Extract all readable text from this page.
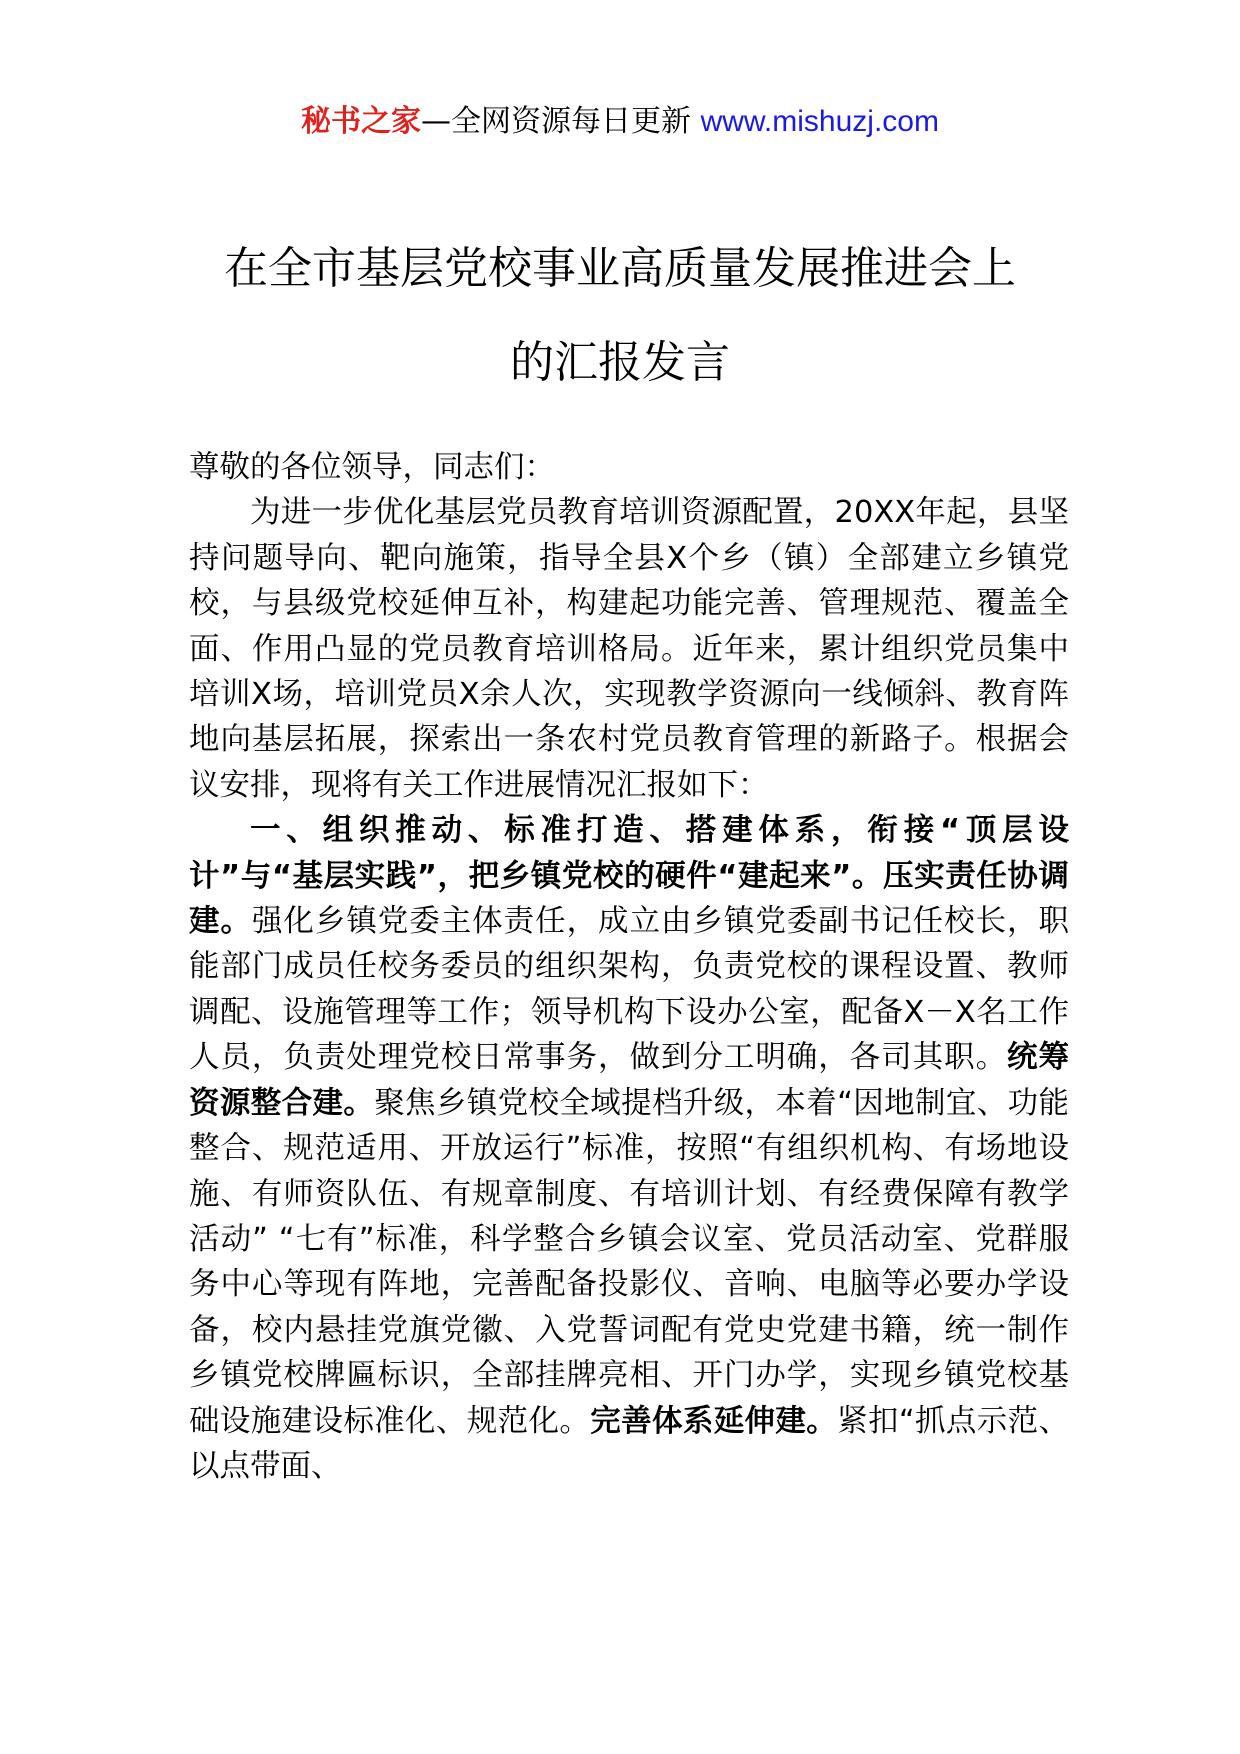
秘书之家—全网资源每日更新 www.mishuzj.com
在全市基层党校事业高质量发展推进会上
的汇报发言

尊敬的各位领导，同志们：

为进一步优化基层党员教育培训资源配置，20XX年起，县坚持问题导向、靶向施策，指导全县X个乡（镇）全部建立乡镇党校，与县级党校延伸互补，构建起功能完善、管理规范、覆盖全面、作用凸显的党员教育培训格局。近年来，累计组织党员集中培训X场，培训党员X余人次，实现教学资源向一线倾斜、教育阵地向基层拓展，探索出一条农村党员教育管理的新路子。根据会议安排，现将有关工作进展情况汇报如下：

一、组织推动、标准打造、搭建体系，衔接“顶层设计”与“基层实践”，把乡镇党校的硬件“建起来”。压实责任协调建。强化乡镇党委主体责任，成立由乡镇党委副书记任校长，职能部门成员任校务委员的组织架构，负责党校的课程设置、教师调配、设施管理等工作；领导机构下设办公室，配备X－X名工作人员，负责处理党校日常事务，做到分工明确，各司其职。统筹资源整合建。聚焦乡镇党校全域提档升级，本着“因地制宜、功能整合、规范适用、开放运行”标准，按照“有组织机构、有场地设施、有师资队伍、有规章制度、有培训计划、有经费保障有教学活动” “七有”标准，科学整合乡镇会议室、党员活动室、党群服务中心等现有阵地，完善配备投影仪、音响、电脑等必要办学设备，校内悬挂党旗党徽、入党誓词配有党史党建书籍，统一制作乡镇党校牌匾标识，全部挂牌亮相、开门办学，实现乡镇党校基础设施建设标准化、规范化。完善体系延伸建。紧扣“抓点示范、以点带面、
